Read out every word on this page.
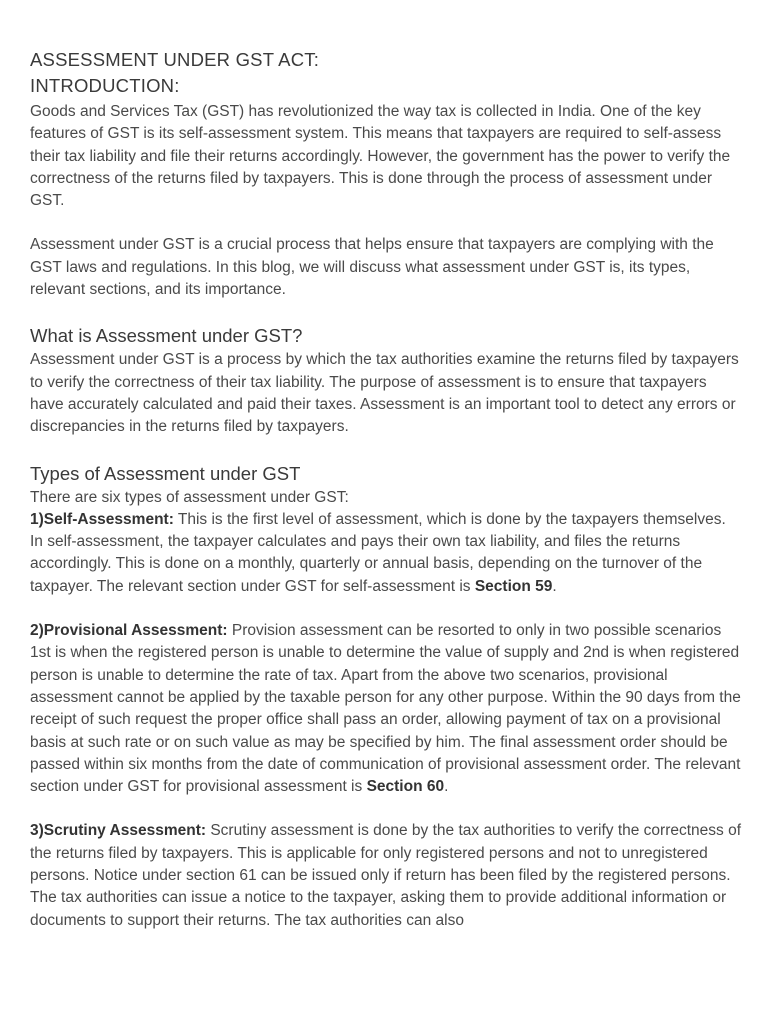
ASSESSMENT UNDER GST ACT:
INTRODUCTION:

Goods and Services Tax (GST) has revolutionized the way tax is collected in India. One of the key features of GST is its self-assessment system. This means that taxpayers are required to self-assess their tax liability and file their returns accordingly. However, the government has the power to verify the correctness of the returns filed by taxpayers. This is done through the process of assessment under GST.

Assessment under GST is a crucial process that helps ensure that taxpayers are complying with the GST laws and regulations. In this blog, we will discuss what assessment under GST is, its types, relevant sections, and its importance.

What is Assessment under GST?

Assessment under GST is a process by which the tax authorities examine the returns filed by taxpayers to verify the correctness of their tax liability. The purpose of assessment is to ensure that taxpayers have accurately calculated and paid their taxes. Assessment is an important tool to detect any errors or discrepancies in the returns filed by taxpayers.

Types of Assessment under GST

There are six types of assessment under GST:

1)Self-Assessment: This is the first level of assessment, which is done by the taxpayers themselves. In self-assessment, the taxpayer calculates and pays their own tax liability, and files the returns accordingly. This is done on a monthly, quarterly or annual basis, depending on the turnover of the taxpayer. The relevant section under GST for self-assessment is Section 59.

2)Provisional Assessment: Provision assessment can be resorted to only in two possible scenarios 1st is when the registered person is unable to determine the value of supply and 2nd is when registered person is unable to determine the rate of tax. Apart from the above two scenarios, provisional assessment cannot be applied by the taxable person for any other purpose. Within the 90 days from the receipt of such request the proper office shall pass an order, allowing payment of tax on a provisional basis at such rate or on such value as may be specified by him. The final assessment order should be passed within six months from the date of communication of provisional assessment order. The relevant section under GST for provisional assessment is Section 60.

3)Scrutiny Assessment: Scrutiny assessment is done by the tax authorities to verify the correctness of the returns filed by taxpayers. This is applicable for only registered persons and not to unregistered persons. Notice under section 61 can be issued only if return has been filed by the registered persons. The tax authorities can issue a notice to the taxpayer, asking them to provide additional information or documents to support their returns. The tax authorities can also
